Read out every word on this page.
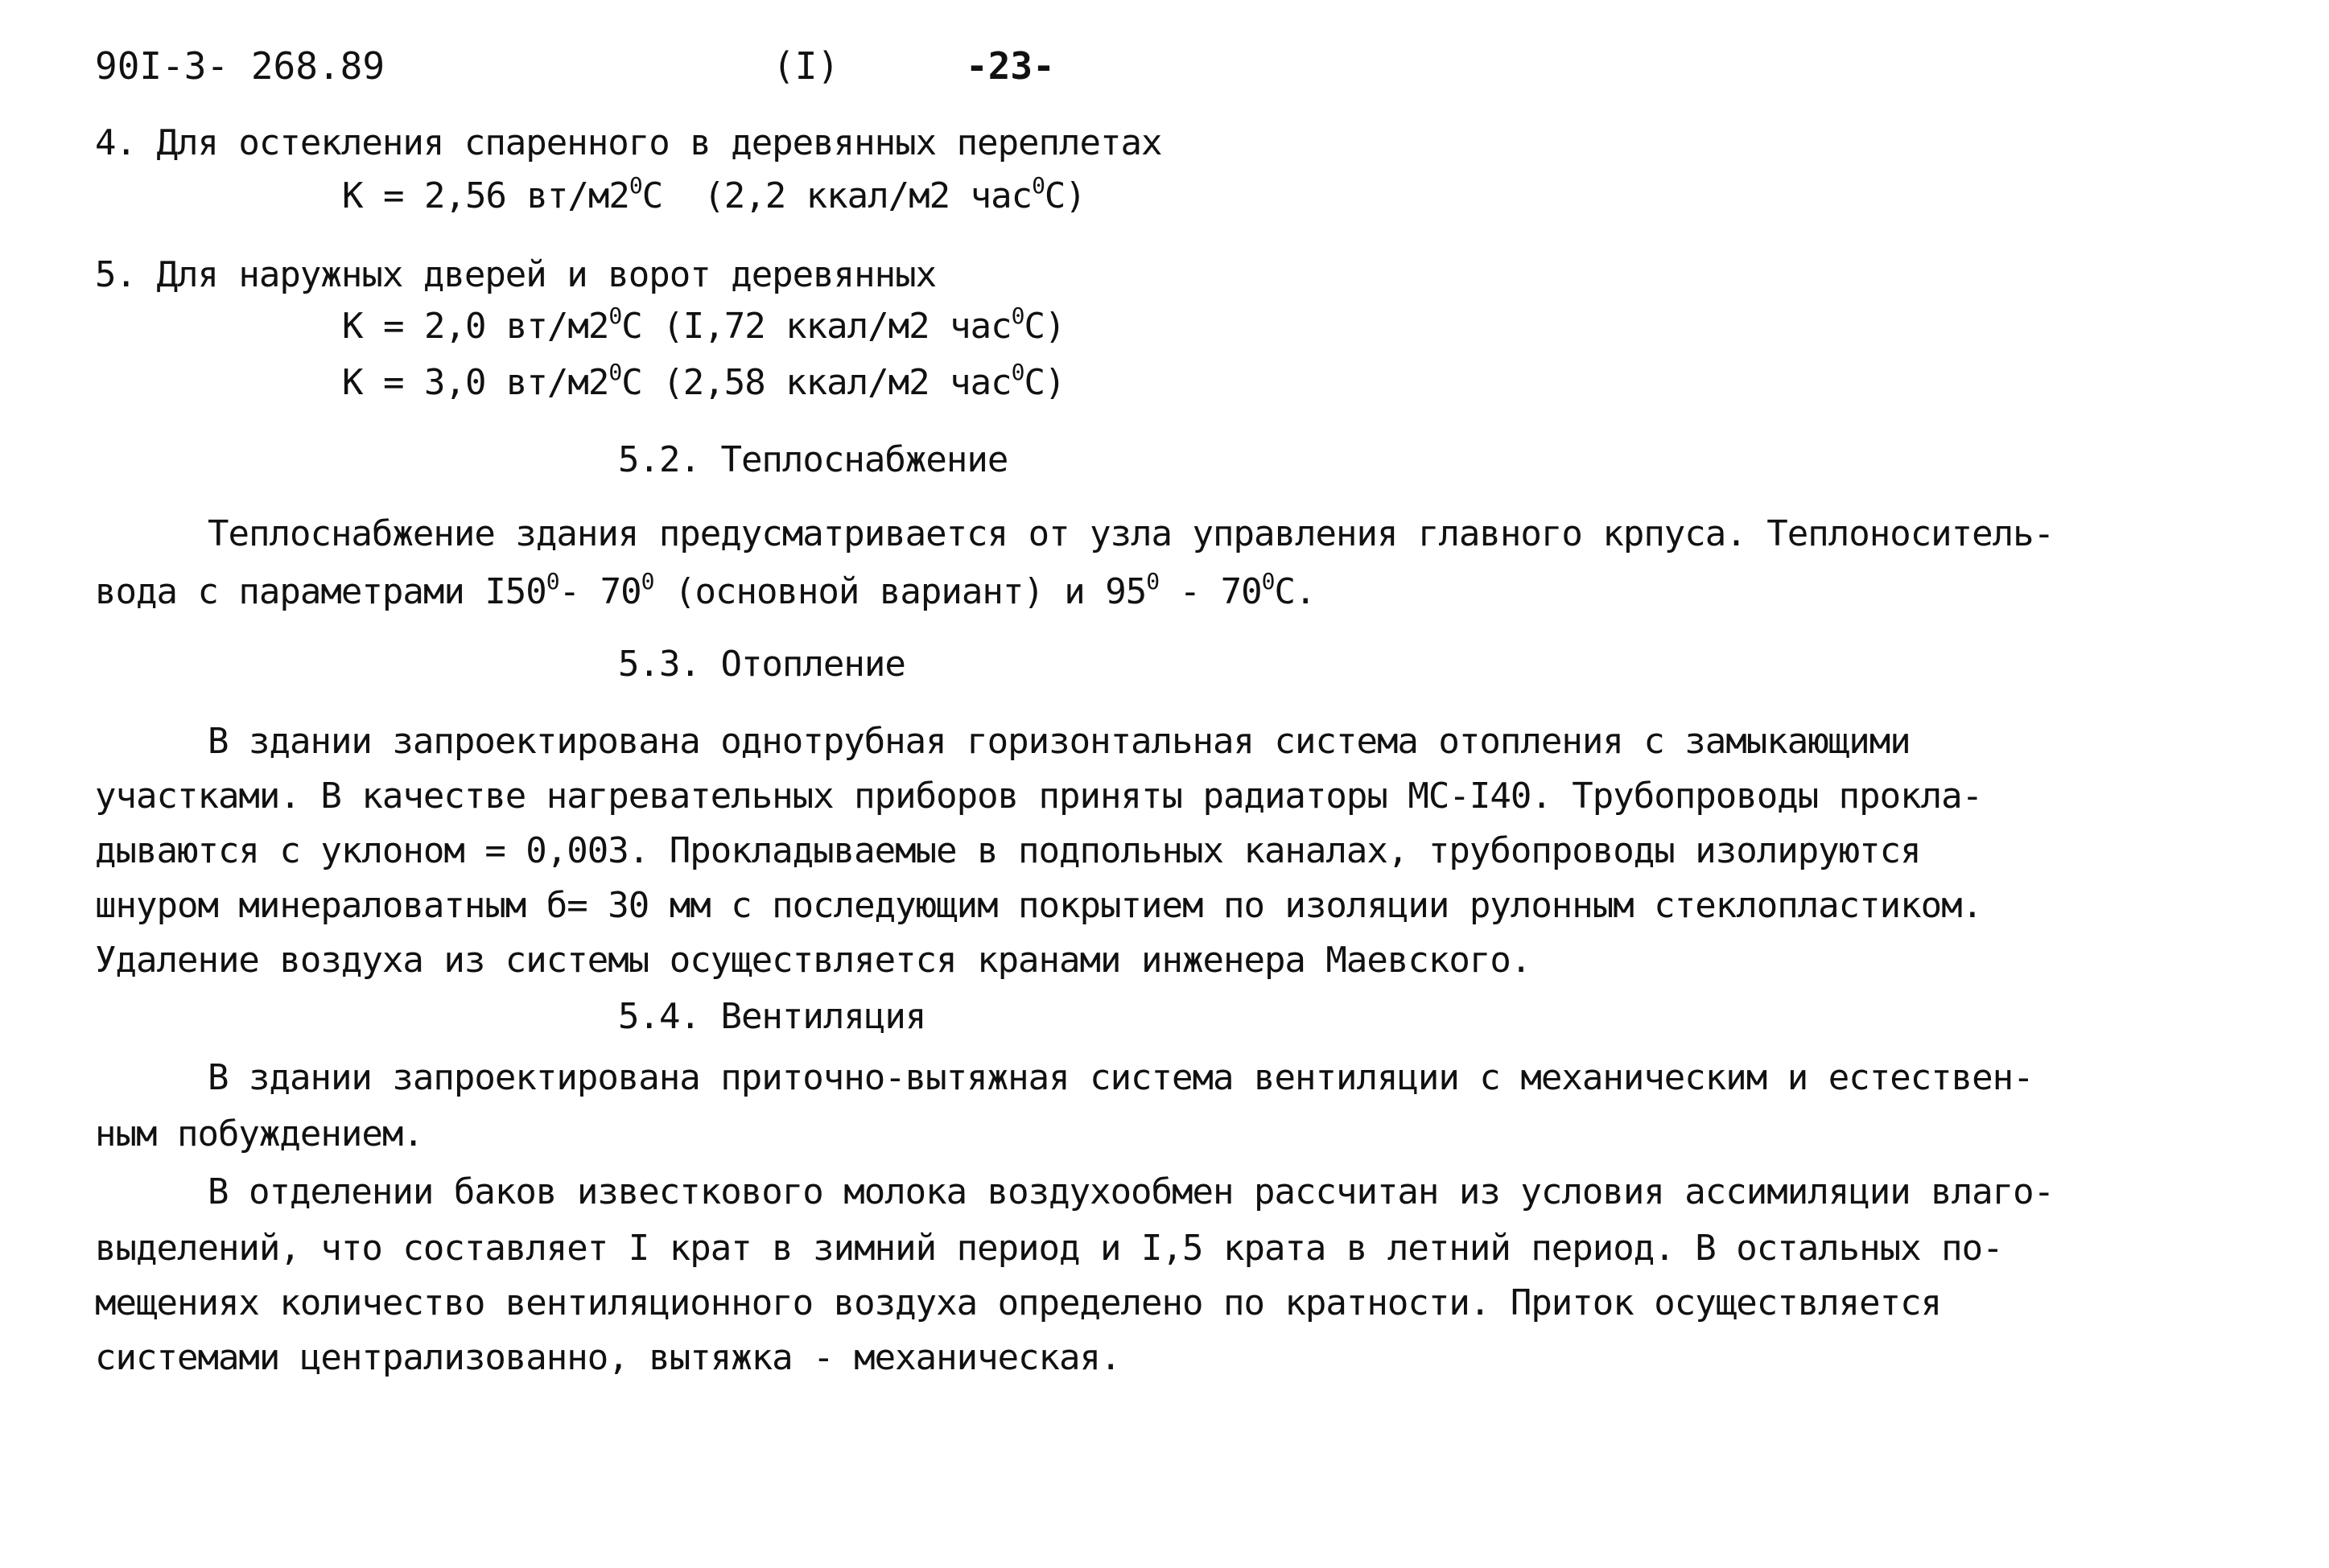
90I-3- 268.89	(I)	-23-
4. Для остекления спаренного в деревянных переплетах
К = 2,56 $вт/м2^0С$ (2,2 ккал/м2 час$^0$С)
5. Для наружных дверей и ворот деревянных
К = 2,0 $вт/м2^0С$ (I,72 ккал/м2 час$^0$С)
К = 3,0 $вт/м2^0С$ (2,58 ккал/м2 час$^0$С)
5.2. Теплоснабжение
Теплоснабжение здания предусматривается от узла управления главного крпуса. Теплоноситель-
вода с параметрами $I50^0-$ $70^0$ (основной вариант) и $95^0 - 70^0С$.
5.3. Отопление
В здании запроектирована однотрубная горизонтальная система отопления с замыкающими
участками. В качестве нагревательных приборов приняты радиаторы МС-I40. Трубопроводы прокла-
дываются с уклоном = 0,003. Прокладываемые в подпольных каналах, трубопроводы изолируются
шнуром минераловатным б= 30 мм с последующим покрытием по изоляции рулонным стеклопластиком.
Удаление воздуха из системы осуществляется кранами инженера Маевского.
5.4. Вентиляция
В здании запроектирована приточно-вытяжная система вентиляции с механическим и естествен-
ным побуждением.
В отделении баков известкового молока воздухообмен рассчитан из условия ассимиляции влаго-
выделений, что составляет I крат в зимний период и I,5 крата в летний период. В остальных по-
мещениях количество вентиляционного воздуха определено по кратности. Приток осуществляется
системами централизованно, вытяжка - механическая.
